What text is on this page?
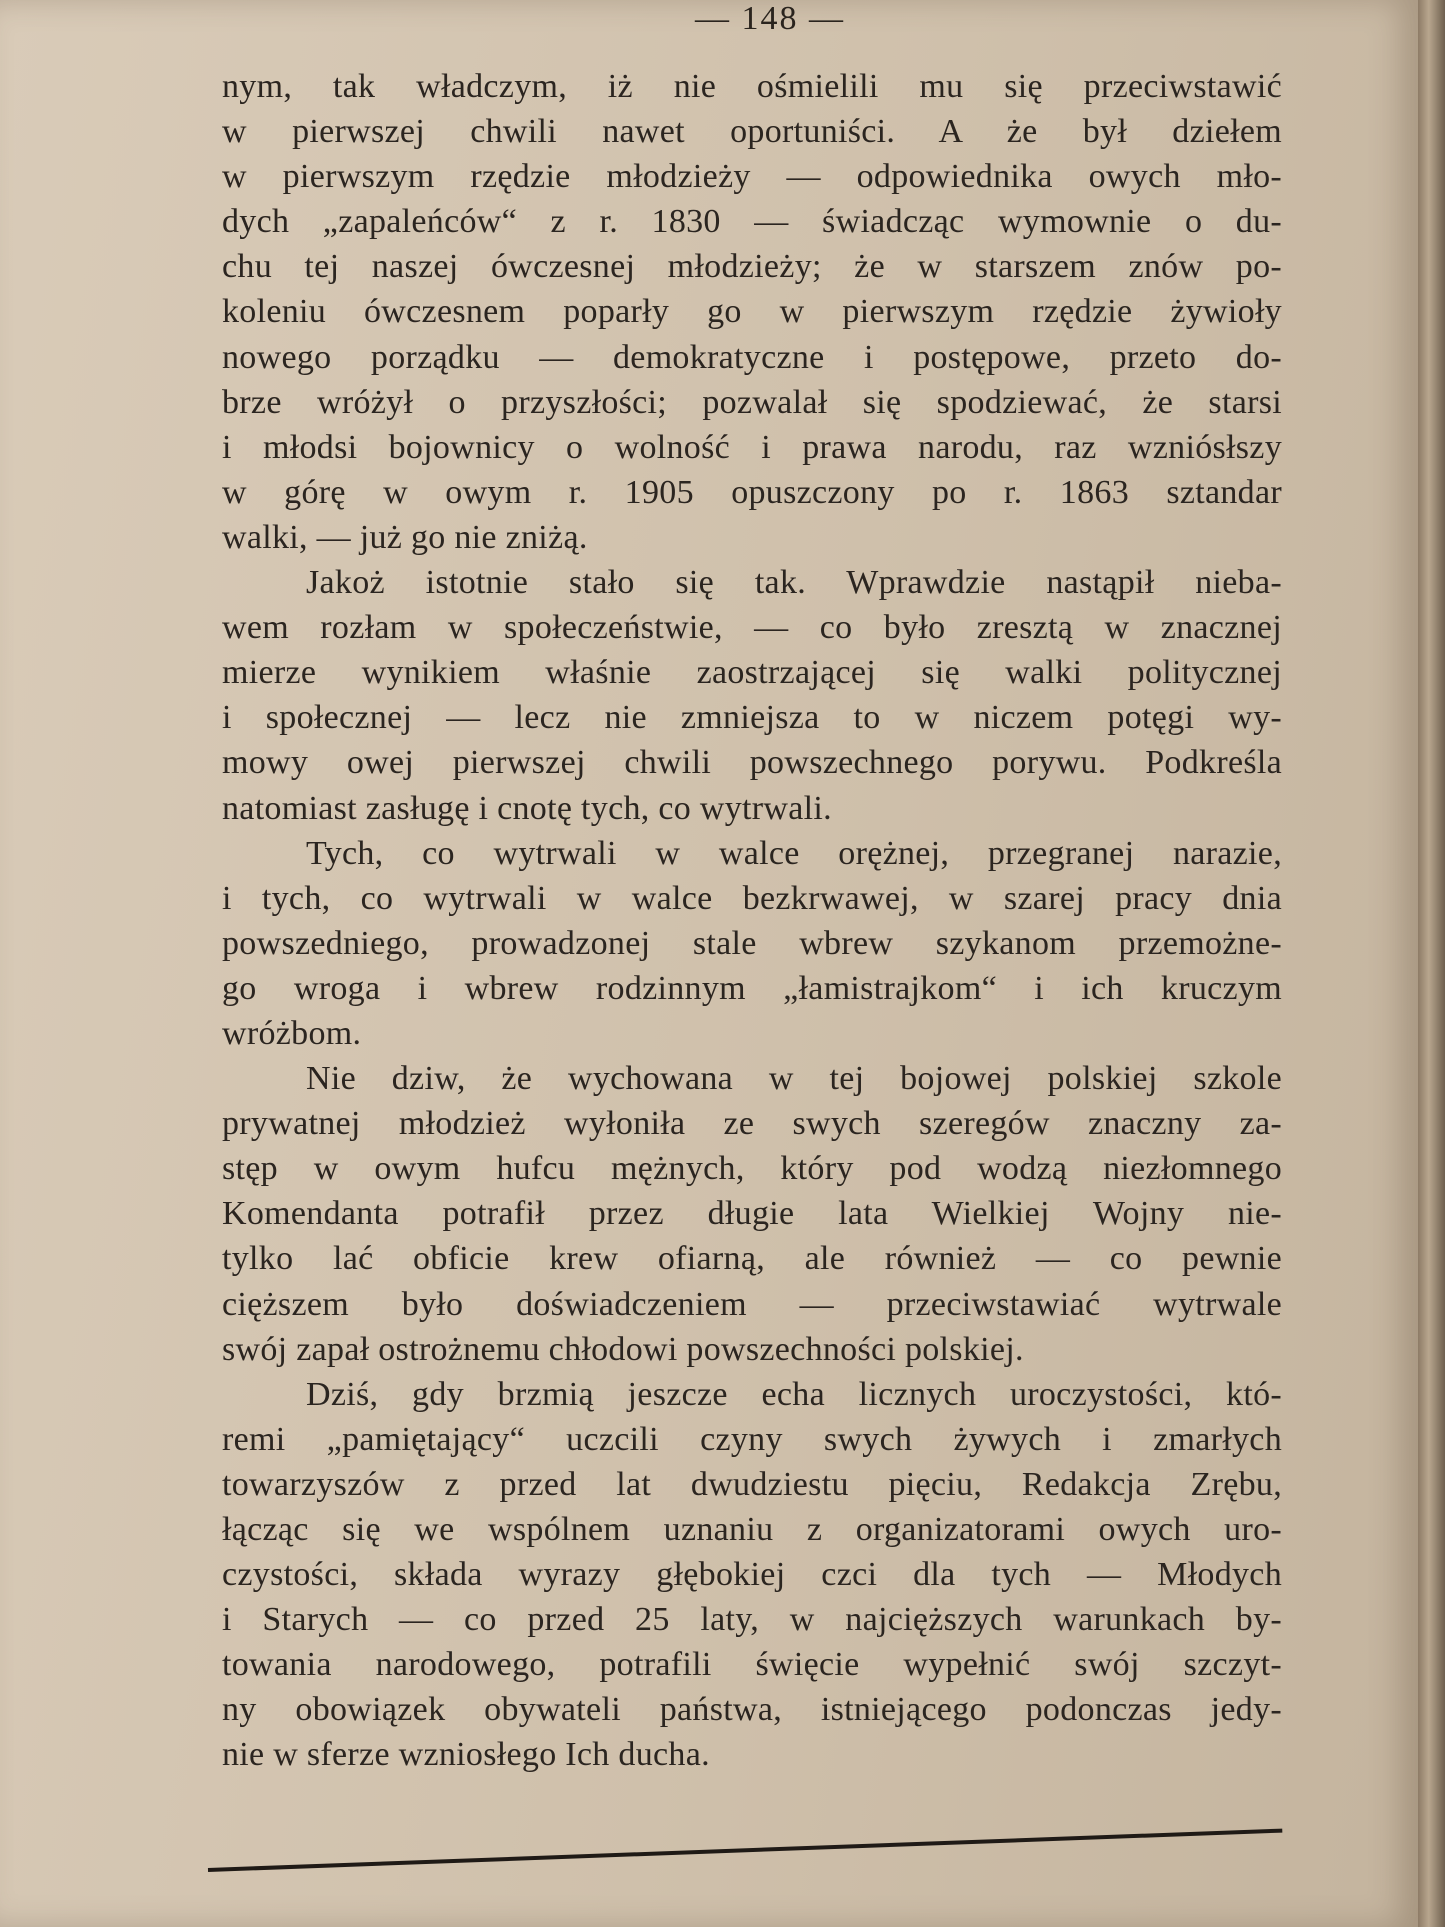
— 148 —
nym, tak władczym, iż nie ośmielili mu się przeciwstawić
w pierwszej chwili nawet oportuniści. A że był dziełem
w pierwszym rzędzie młodzieży — odpowiednika owych mło-
dych „zapaleńców“ z r. 1830 — świadcząc wymownie o du-
chu tej naszej ówczesnej młodzieży; że w starszem znów po-
koleniu ówczesnem poparły go w pierwszym rzędzie żywioły
nowego porządku — demokratyczne i postępowe, przeto do-
brze wróżył o przyszłości; pozwalał się spodziewać, że starsi
i młodsi bojownicy o wolność i prawa narodu, raz wzniósłszy
w górę w owym r. 1905 opuszczony po r. 1863 sztandar
walki, — już go nie zniżą.
Jakoż istotnie stało się tak. Wprawdzie nastąpił nieba-
wem rozłam w społeczeństwie, — co było zresztą w znacznej
mierze wynikiem właśnie zaostrzającej się walki politycznej
i społecznej — lecz nie zmniejsza to w niczem potęgi wy-
mowy owej pierwszej chwili powszechnego porywu. Podkreśla
natomiast zasługę i cnotę tych, co wytrwali.
Tych, co wytrwali w walce orężnej, przegranej narazie,
i tych, co wytrwali w walce bezkrwawej, w szarej pracy dnia
powszedniego, prowadzonej stale wbrew szykanom przemożne-
go wroga i wbrew rodzinnym „łamistrajkom“ i ich kruczym
wróżbom.
Nie dziw, że wychowana w tej bojowej polskiej szkole
prywatnej młodzież wyłoniła ze swych szeregów znaczny za-
stęp w owym hufcu mężnych, który pod wodzą niezłomnego
Komendanta potrafił przez długie lata Wielkiej Wojny nie-
tylko lać obficie krew ofiarną, ale również — co pewnie
cięższem było doświadczeniem — przeciwstawiać wytrwale
swój zapał ostrożnemu chłodowi powszechności polskiej.
Dziś, gdy brzmią jeszcze echa licznych uroczystości, któ-
remi „pamiętający“ uczcili czyny swych żywych i zmarłych
towarzyszów z przed lat dwudziestu pięciu, Redakcja Zrębu,
łącząc się we wspólnem uznaniu z organizatorami owych uro-
czystości, składa wyrazy głębokiej czci dla tych — Młodych
i Starych — co przed 25 laty, w najcięższych warunkach by-
towania narodowego, potrafili święcie wypełnić swój szczyt-
ny obowiązek obywateli państwa, istniejącego podonczas jedy-
nie w sferze wzniosłego Ich ducha.
